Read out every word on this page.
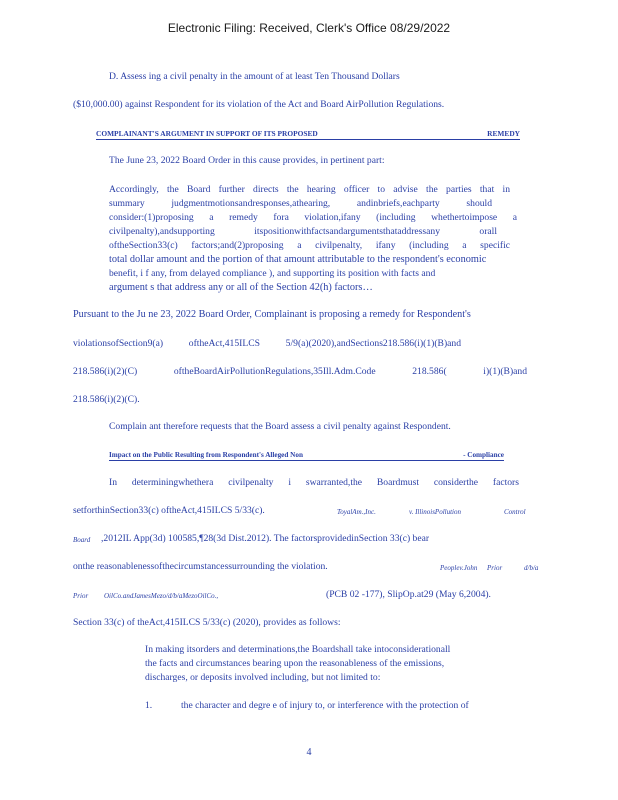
Electronic Filing: Received, Clerk's Office 08/29/2022
D. Assess ing a civil penalty in the amount of at least Ten Thousand Dollars
($10,000.00) against Respondent for its violation of the Act and Board AirPollution Regulations.
COMPLAINANT'S ARGUMENT IN SUPPORT OF ITS PROPOSED	REMEDY
The June 23, 2022 Board Order in this cause provides, in pertinent part:
Accordingly, the Board further directs the hearing officer to advise the parties that in
summary judgmentmotionsandresponses,athearing, andinbriefs,eachparty should
consider:(1)proposing a remedy fora violation,ifany (including whethertoimpose a
civilpenalty),andsupporting itspositionwithfactsandargumentsthataddressany orall
oftheSection33(c) factors;and(2)proposing a civilpenalty, ifany (including a specific
total dollar amount and the portion of that amount attributable to the respondent's economic
benefit, i f any, from delayed compliance ), and supporting its position with facts and
argument s that address any or all of the Section 42(h) factors…
Pursuant to the Ju ne 23, 2022 Board Order, Complainant is proposing a remedy for Respondent's
violationsofSection9(a) oftheAct,415ILCS 5/9(a)(2020),andSections218.586(i)(1)(B)and
218.586(i)(2)(C) oftheBoardAirPollutionRegulations,35Ill.Adm.Code 218.586( i)(1)(B)and
218.586(i)(2)(C).
Complain ant therefore requests that the Board assess a civil penalty against Respondent.
Impact on the Public Resulting from Respondent's Alleged Non	- Compliance
In determiningwhethera civilpenalty i swarranted,the Boardmust considerthe factors
setforthinSection33(c) oftheAct,415ILCS 5/33(c).	ToyalAm.,Inc.	v. IllinoisPollution	Control
Board ,2012IL App(3d) 100585,¶28(3d Dist.2012). The factorsprovidedinSection 33(c) bear
onthe reasonablenessofthecircumstancessurrounding the violation.	Peoplev.John Prior	d/b/a
Prior OilCo.andJamesMezo/d/b/aMezoOilCo.,	(PCB 02 -177), SlipOp.at29 (May 6,2004).
Section 33(c) of theAct,415ILCS 5/33(c) (2020), provides as follows:
In making itsorders and determinations,the Boardshall take intoconsiderationall
the facts and circumstances bearing upon the reasonableness of the emissions,
discharges, or deposits involved including, but not limited to:
1.	the character and degre e of injury to, or interference with the protection of
4
